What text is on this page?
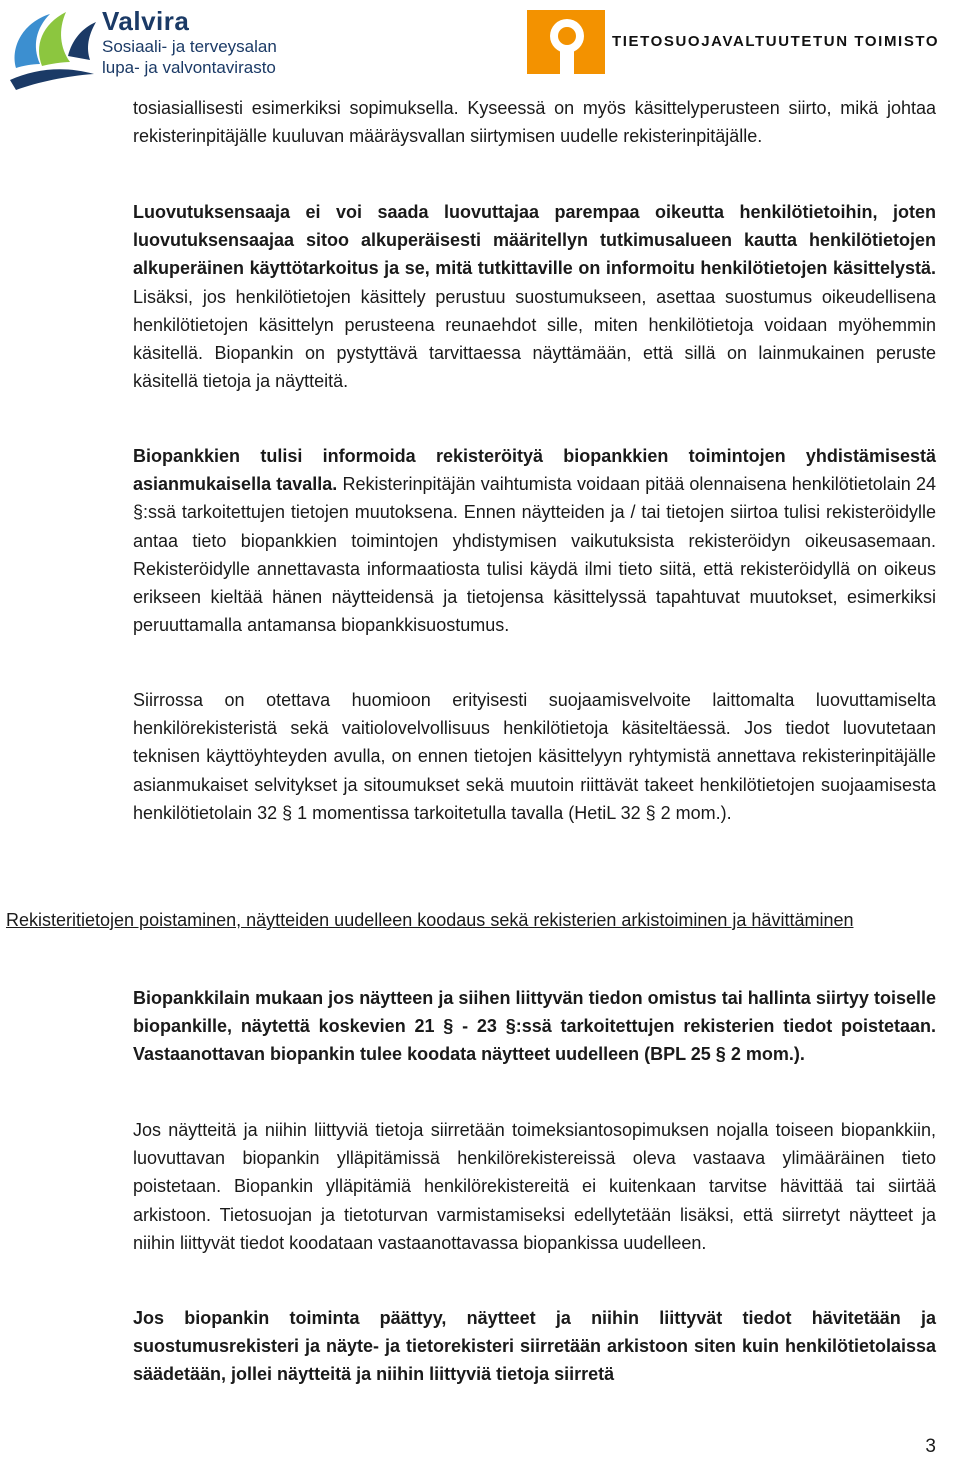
Valvira
Sosiaali- ja terveysalan
lupa- ja valvontavirasto
TIETOSUOJAVALTUUTETUN TOIMISTO

tosiasiallisesti esimerkiksi sopimuksella. Kyseessä on myös käsittelyperusteen siirto, mikä johtaa rekisterinpitäjälle kuuluvan määräysvallan siirtymisen uudelle rekisterinpitäjälle.

Luovutuksensaaja ei voi saada luovuttajaa parempaa oikeutta henkilötietoihin, joten luovutuksensaajaa sitoo alkuperäisesti määritellyn tutkimusalueen kautta henkilötietojen alkuperäinen käyttötarkoitus ja se, mitä tutkittaville on informoitu henkilötietojen käsittelystä. Lisäksi, jos henkilötietojen käsittely perustuu suostumukseen, asettaa suostumus oikeudellisena henkilötietojen käsittelyn perusteena reunaehdot sille, miten henkilötietoja voidaan myöhemmin käsitellä. Biopankin on pystyttävä tarvittaessa näyttämään, että sillä on lainmukainen peruste käsitellä tietoja ja näytteitä.

Biopankkien tulisi informoida rekisteröityä biopankkien toimintojen yhdistämisestä asianmukaisella tavalla. Rekisterinpitäjän vaihtumista voidaan pitää olennaisena henkilötietolain 24 §:ssä tarkoitettujen tietojen muutoksena. Ennen näytteiden ja / tai tietojen siirtoa tulisi rekisteröidylle antaa tieto biopankkien toimintojen yhdistymisen vaikutuksista rekisteröidyn oikeusasemaan. Rekisteröidylle annettavasta informaatiosta tulisi käydä ilmi tieto siitä, että rekisteröidyllä on oikeus erikseen kieltää hänen näytteidensä ja tietojensa käsittelyssä tapahtuvat muutokset, esimerkiksi peruuttamalla antamansa biopankkisuostumus.

Siirrossa on otettava huomioon erityisesti suojaamisvelvoite laittomalta luovuttamiselta henkilörekisteristä sekä vaitiolovelvollisuus henkilötietoja käsiteltäessä. Jos tiedot luovutetaan teknisen käyttöyhteyden avulla, on ennen tietojen käsittelyyn ryhtymistä annettava rekisterinpitäjälle asianmukaiset selvitykset ja sitoumukset sekä muutoin riittävät takeet henkilötietojen suojaamisesta henkilötietolain 32 § 1 momentissa tarkoitetulla tavalla (HetiL 32 § 2 mom.).

Rekisteritietojen poistaminen, näytteiden uudelleen koodaus sekä rekisterien arkistoiminen ja hävittäminen

Biopankkilain mukaan jos näytteen ja siihen liittyvän tiedon omistus tai hallinta siirtyy toiselle biopankille, näytettä koskevien 21 § - 23 §:ssä tarkoitettujen rekisterien tiedot poistetaan. Vastaanottavan biopankin tulee koodata näytteet uudelleen (BPL 25 § 2 mom.).

Jos näytteitä ja niihin liittyviä tietoja siirretään toimeksiantosopimuksen nojalla toiseen biopankkiin, luovuttavan biopankin ylläpitämissä henkilörekistereissä oleva vastaava ylimääräinen tieto poistetaan. Biopankin ylläpitämiä henkilörekistereitä ei kuitenkaan tarvitse hävittää tai siirtää arkistoon. Tietosuojan ja tietoturvan varmistamiseksi edellytetään lisäksi, että siirretyt näytteet ja niihin liittyvät tiedot koodataan vastaanottavassa biopankissa uudelleen.

Jos biopankin toiminta päättyy, näytteet ja niihin liittyvät tiedot hävitetään ja suostumusrekisteri ja näyte- ja tietorekisteri siirretään arkistoon siten kuin henkilötietolaissa säädetään, jollei näytteitä ja niihin liittyviä tietoja siirretä

3
